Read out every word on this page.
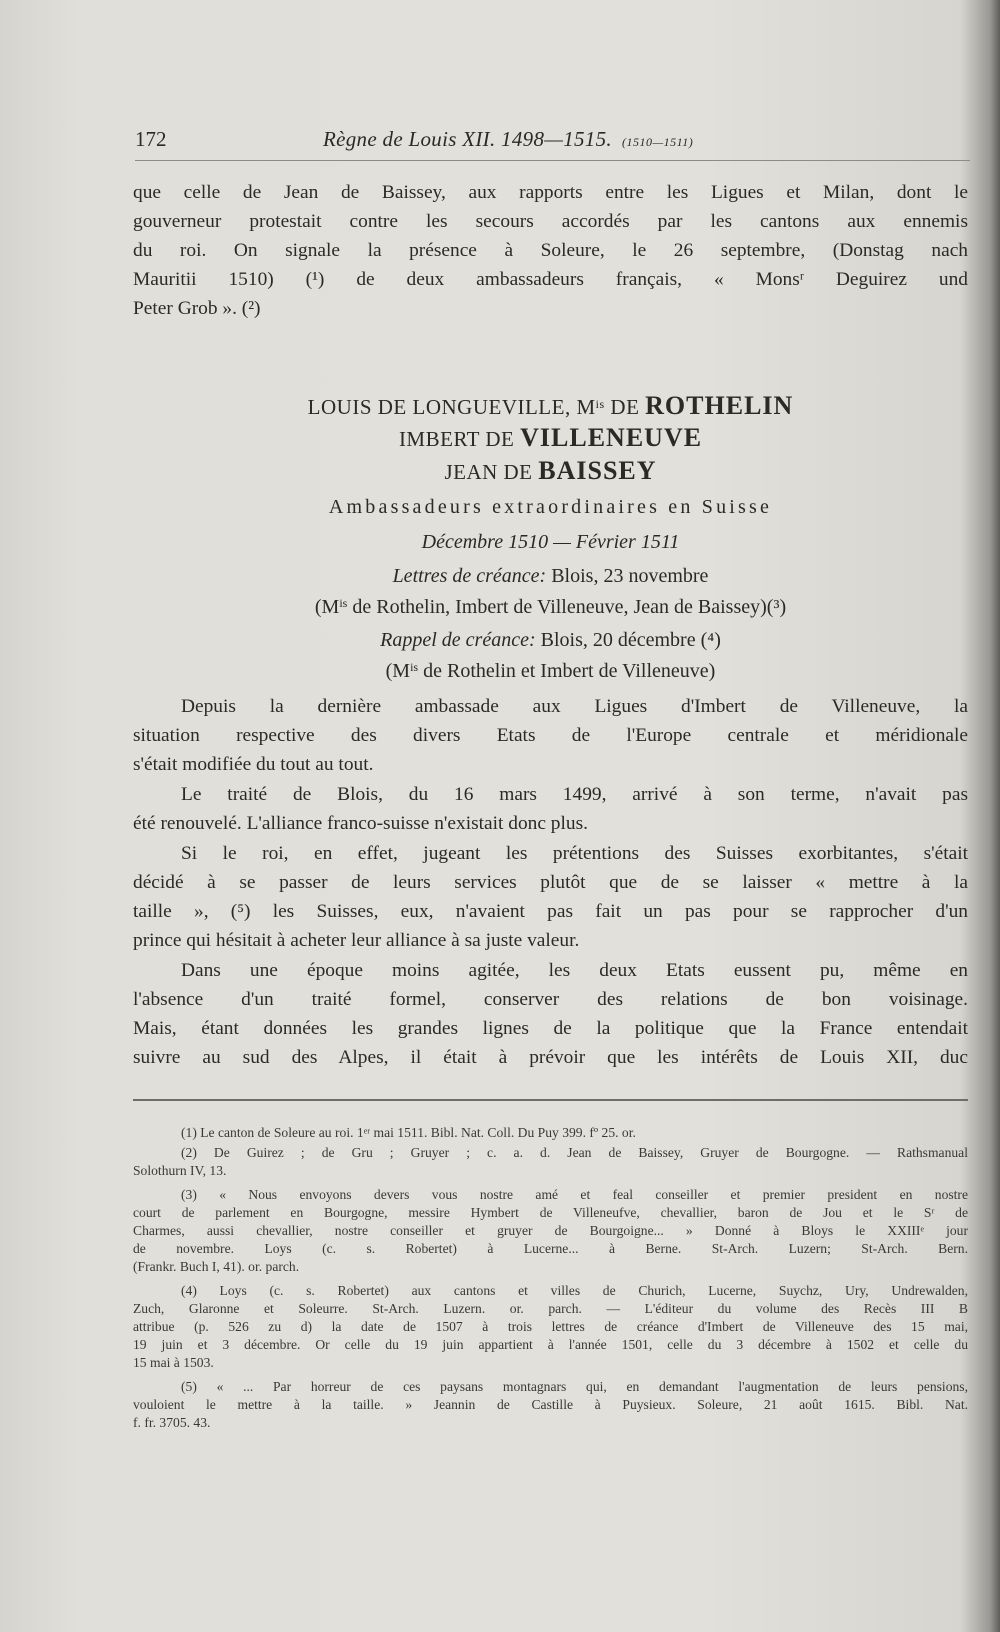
172	Règne de Louis XII. 1498—1515. (1510—1511)
que celle de Jean de Baissey, aux rapports entre les Ligues et Milan, dont le
gouverneur protestait contre les secours accordés par les cantons aux ennemis
du roi. On signale la présence à Soleure, le 26 septembre, (Donstag nach
Mauritii 1510) (¹) de deux ambassadeurs français, « Monsʳ Deguirez und
Peter Grob ». (²)
LOUIS DE LONGUEVILLE, $M^{is}$ DE ROTHELIN
IMBERT DE VILLENEUVE
JEAN DE BAISSEY
Ambassadeurs extraordinaires en Suisse
Décembre 1510 — Février 1511
Lettres de créance: Blois, 23 novembre
($M^{is}$ de Rothelin, Imbert de Villeneuve, Jean de Baissey)(³)
Rappel de créance: Blois, 20 décembre (⁴)
($M^{is}$ de Rothelin et Imbert de Villeneuve)
Depuis la dernière ambassade aux Ligues d'Imbert de Villeneuve, la
situation respective des divers Etats de l'Europe centrale et méridionale
s'était modifiée du tout au tout.
Le traité de Blois, du 16 mars 1499, arrivé à son terme, n'avait pas
été renouvelé. L'alliance franco-suisse n'existait donc plus.
Si le roi, en effet, jugeant les prétentions des Suisses exorbitantes, s'était
décidé à se passer de leurs services plutôt que de se laisser « mettre à la
taille », (⁵) les Suisses, eux, n'avaient pas fait un pas pour se rapprocher d'un
prince qui hésitait à acheter leur alliance à sa juste valeur.
Dans une époque moins agitée, les deux Etats eussent pu, même en
l'absence d'un traité formel, conserver des relations de bon voisinage.
Mais, étant données les grandes lignes de la politique que la France entendait
suivre au sud des Alpes, il était à prévoir que les intérêts de Louis XII, duc
(1) Le canton de Soleure au roi. 1ᵉʳ mai 1511. Bibl. Nat. Coll. Du Puy 399. fº 25. or.
(2) De Guirez ; de Gru ; Gruyer ; c. a. d. Jean de Baissey, Gruyer de Bourgogne. — Rathsmanual
Solothurn IV, 13.
(3) « Nous envoyons devers vous nostre amé et feal conseiller et premier president en nostre
court de parlement en Bourgogne, messire Hymbert de Villeneufve, chevallier, baron de Jou et le Sʳ de
Charmes, aussi chevallier, nostre conseiller et gruyer de Bourgoigne... » Donné à Bloys le XXIIIᵉ jour
de novembre. Loys (c. s. Robertet) à Lucerne... à Berne. St-Arch. Luzern; St-Arch. Bern.
(Frankr. Buch I, 41). or. parch.
(4) Loys (c. s. Robertet) aux cantons et villes de Churich, Lucerne, Suychz, Ury, Undrewalden,
Zuch, Glaronne et Soleurre. St-Arch. Luzern. or. parch. — L'éditeur du volume des Recès III B
attribue (p. 526 zu d) la date de 1507 à trois lettres de créance d'Imbert de Villeneuve des 15 mai,
19 juin et 3 décembre. Or celle du 19 juin appartient à l'année 1501, celle du 3 décembre à 1502 et celle du
15 mai à 1503.
(5) « ... Par horreur de ces paysans montagnars qui, en demandant l'augmentation de leurs pensions,
vouloient le mettre à la taille. » Jeannin de Castille à Puysieux. Soleure, 21 août 1615. Bibl. Nat.
f. fr. 3705. 43.
